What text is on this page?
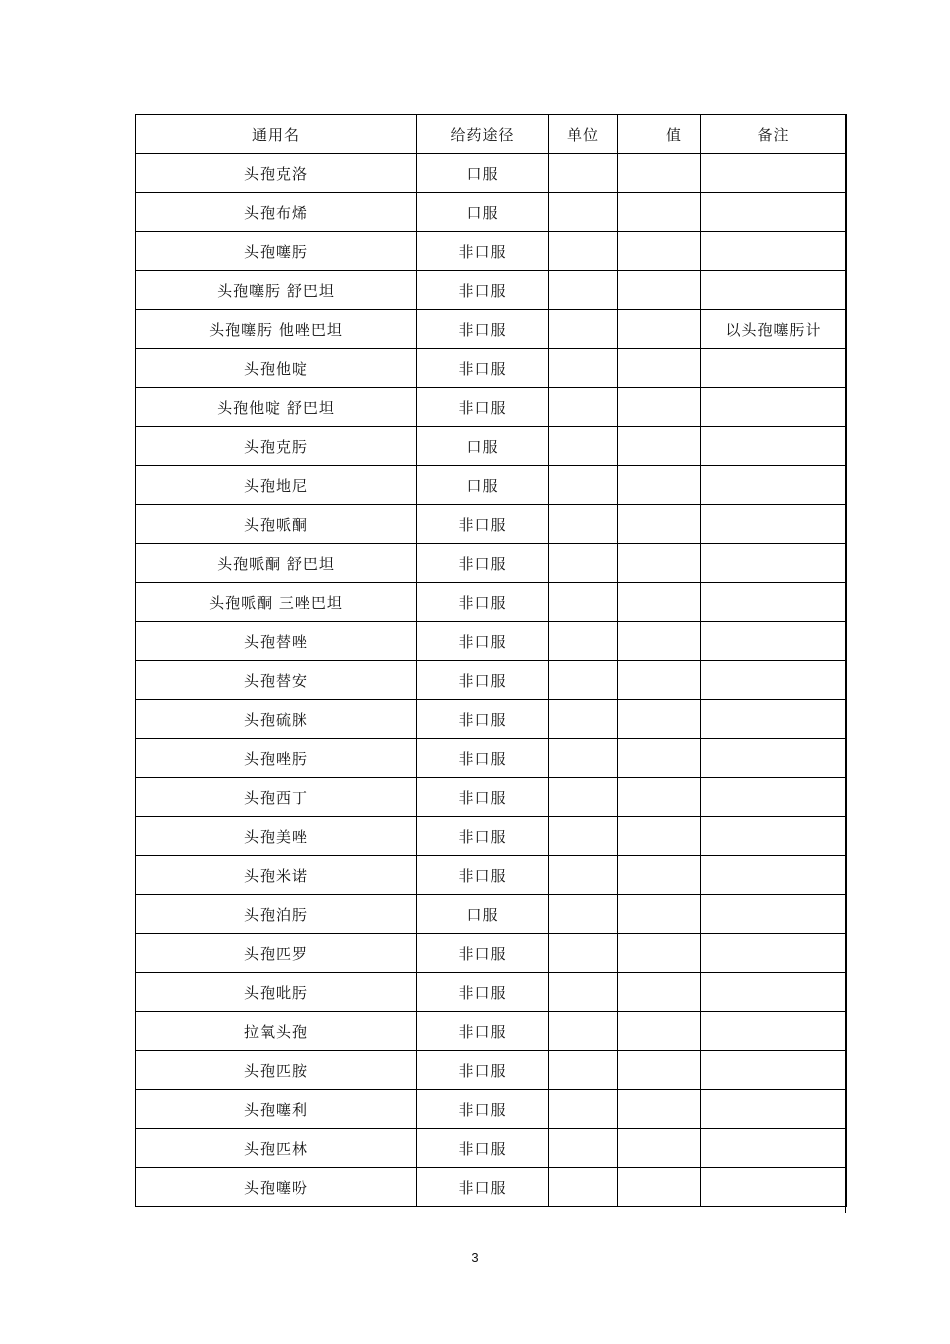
通用名	给药途径	单位	值	备注
头孢克洛	口服			
头孢布烯	口服			
头孢噻肟	非口服			
头孢噻肟 舒巴坦	非口服			
头孢噻肟 他唑巴坦	非口服			以头孢噻肟计
头孢他啶	非口服			
头孢他啶 舒巴坦	非口服			
头孢克肟	口服			
头孢地尼	口服			
头孢哌酮	非口服			
头孢哌酮 舒巴坦	非口服			
头孢哌酮 三唑巴坦	非口服			
头孢替唑	非口服			
头孢替安	非口服			
头孢硫脒	非口服			
头孢唑肟	非口服			
头孢西丁	非口服			
头孢美唑	非口服			
头孢米诺	非口服			
头孢泊肟	口服			
头孢匹罗	非口服			
头孢吡肟	非口服			
拉氧头孢	非口服			
头孢匹胺	非口服			
头孢噻利	非口服			
头孢匹林	非口服			
头孢噻吩	非口服			
3
